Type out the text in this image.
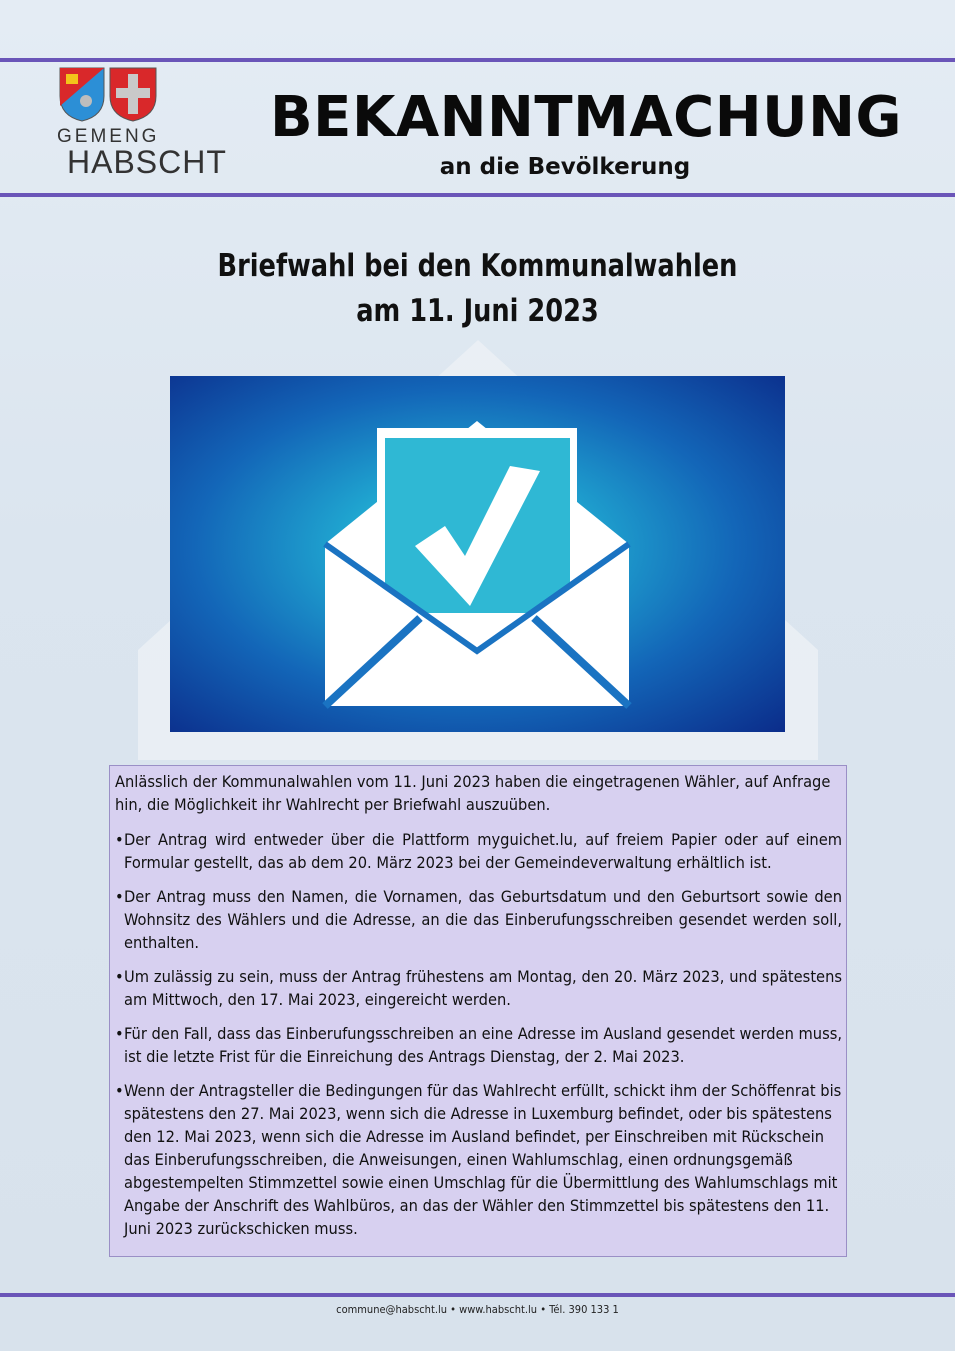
GEMENG
HABSCHT
BEKANNTMACHUNG
an die Bevölkerung
Briefwahl bei den Kommunalwahlen
am 11. Juni 2023

Anlässlich der Kommunalwahlen vom 11. Juni 2023 haben die eingetragenen Wähler, auf Anfrage hin, die Möglichkeit ihr Wahlrecht per Briefwahl auszuüben.

• Der Antrag wird entweder über die Plattform myguichet.lu, auf freiem Papier oder auf einem Formular gestellt, das ab dem 20. März 2023 bei der Gemeindeverwaltung erhältlich ist.
• Der Antrag muss den Namen, die Vornamen, das Geburtsdatum und den Geburtsort sowie den Wohnsitz des Wählers und die Adresse, an die das Einberufungsschreiben gesendet werden soll, enthalten.
• Um zulässig zu sein, muss der Antrag frühestens am Montag, den 20. März 2023, und spätestens am Mittwoch, den 17. Mai 2023, eingereicht werden.
• Für den Fall, dass das Einberufungsschreiben an eine Adresse im Ausland gesendet werden muss, ist die letzte Frist für die Einreichung des Antrags Dienstag, der 2. Mai 2023.
• Wenn der Antragsteller die Bedingungen für das Wahlrecht erfüllt, schickt ihm der Schöffenrat bis spätestens den 27. Mai 2023, wenn sich die Adresse in Luxemburg befindet, oder bis spätestens den 12. Mai 2023, wenn sich die Adresse im Ausland befindet, per Einschreiben mit Rückschein das Einberufungsschreiben, die Anweisungen, einen Wahlumschlag, einen ordnungsgemäß abgestempelten Stimmzettel sowie einen Umschlag für die Übermittlung des Wahlumschlags mit Angabe der Anschrift des Wahlbüros, an das der Wähler den Stimmzettel bis spätestens den 11. Juni 2023 zurückschicken muss.
commune@habscht.lu • www.habscht.lu • Tél. 390 133 1
